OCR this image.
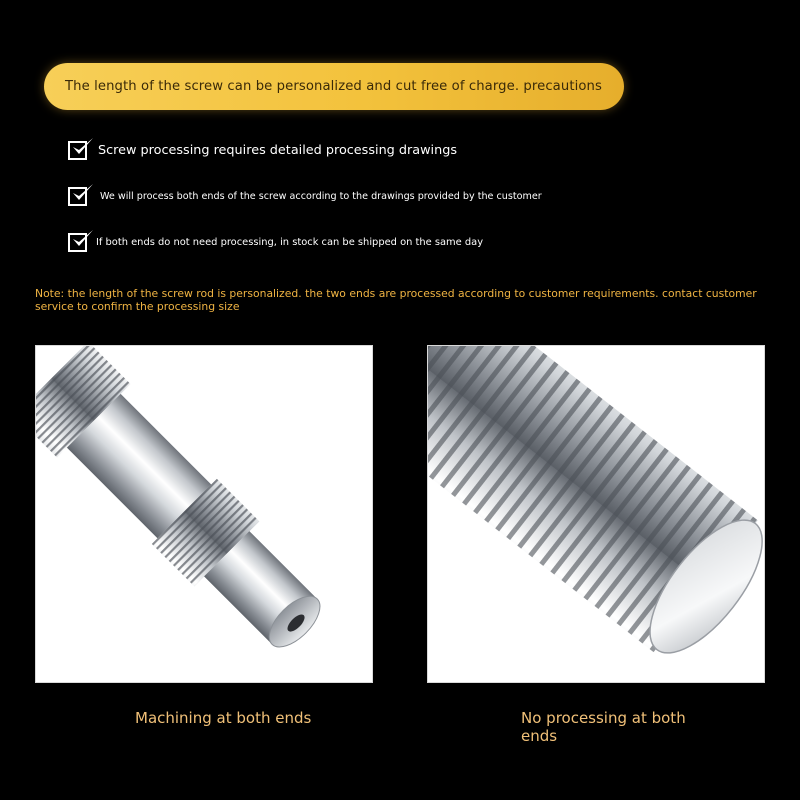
The length of the screw can be personalized and cut free of charge. precautions
Screw processing requires detailed processing drawings
We will process both ends of the screw according to the drawings provided by the customer
If both ends do not need processing, in stock can be shipped on the same day
Note: the length of the screw rod is personalized. the two ends are processed according to customer requirements. contact customer service to confirm the processing size
Machining at both ends	No processing at both ends
